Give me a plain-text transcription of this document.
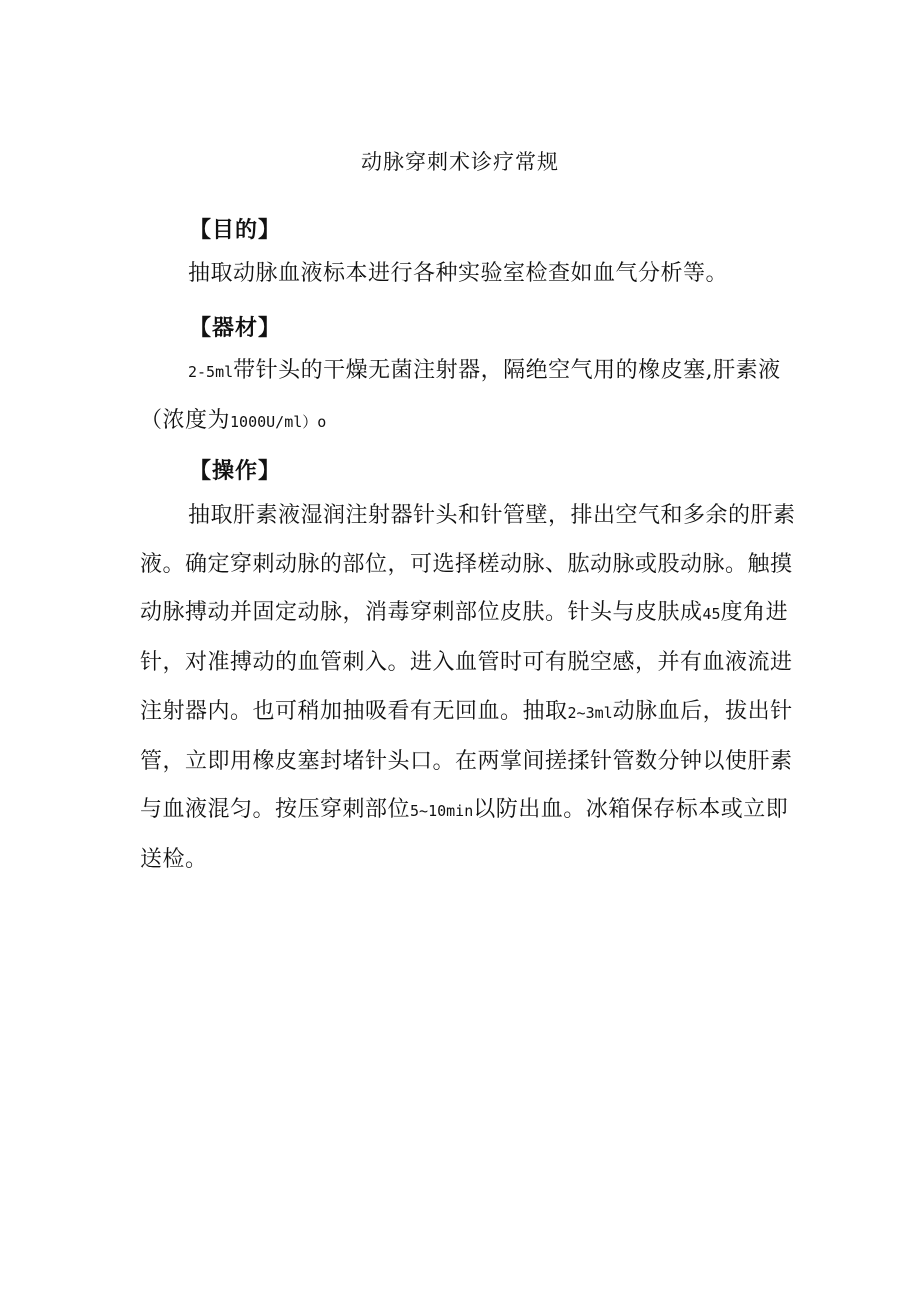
动脉穿刺术诊疗常规
【目的】
抽取动脉血液标本进行各种实验室检查如血气分析等。
【器材】
2-5ml带针头的干燥无菌注射器，隔绝空气用的橡皮塞,肝素液（浓度为1000U∕ml）o
【操作】
抽取肝素液湿润注射器针头和针管壁，排出空气和多余的肝素液。确定穿刺动脉的部位，可选择槎动脉、肱动脉或股动脉。触摸动脉搏动并固定动脉，消毒穿刺部位皮肤。针头与皮肤成45度角进针，对准搏动的血管刺入。进入血管时可有脱空感，并有血液流进注射器内。也可稍加抽吸看有无回血。抽取2~3ml动脉血后，拔出针管，立即用橡皮塞封堵针头口。在两掌间搓揉针管数分钟以使肝素与血液混匀。按压穿刺部位5~10min以防出血。冰箱保存标本或立即送检。
